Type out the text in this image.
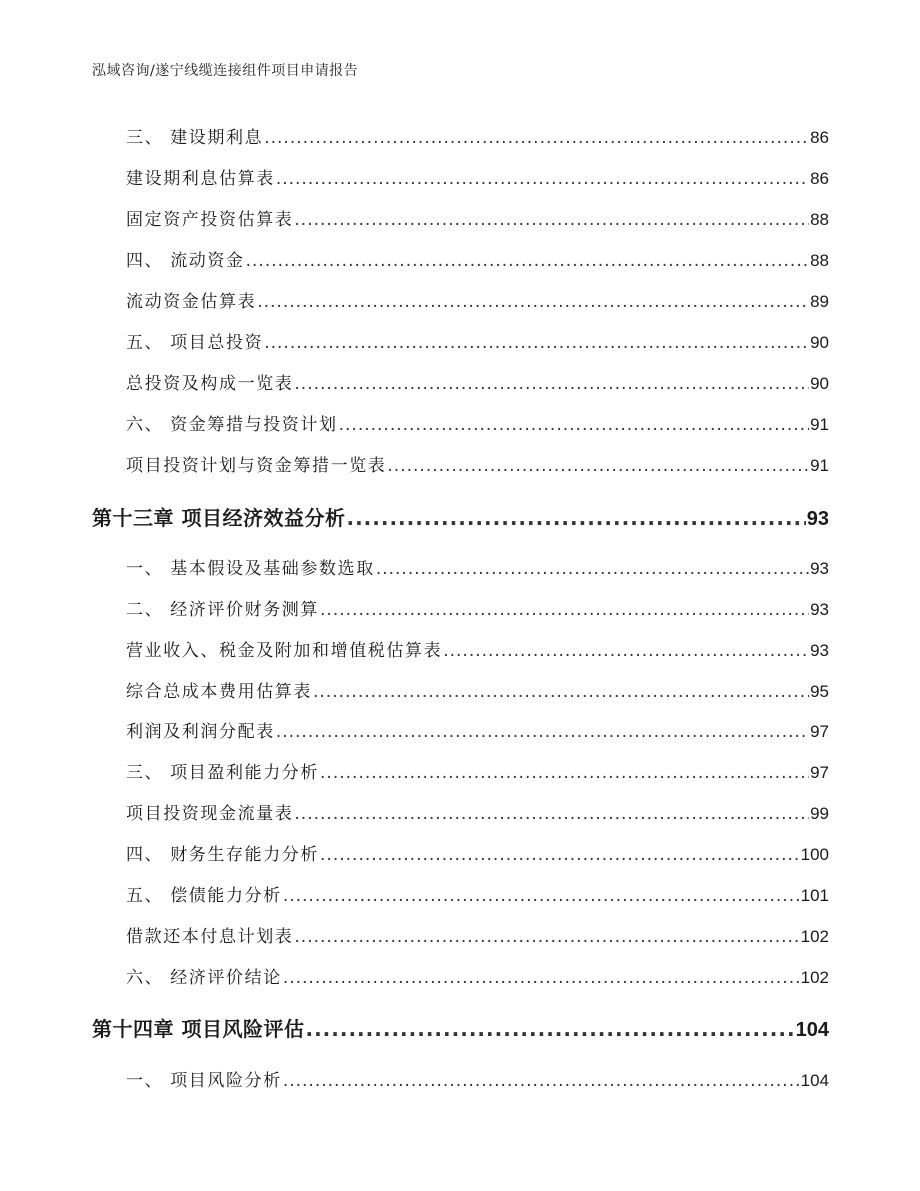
泓域咨询/遂宁线缆连接组件项目申请报告
三、 建设期利息 .....	86
建设期利息估算表 .....	86
固定资产投资估算表 .....	88
四、 流动资金 .....	88
流动资金估算表 .....	89
五、 项目总投资 .....	90
总投资及构成一览表 .....	90
六、 资金筹措与投资计划 .....	91
项目投资计划与资金筹措一览表 .....	91
第十三章 项目经济效益分析 .....	93
一、 基本假设及基础参数选取 .....	93
二、 经济评价财务测算 .....	93
营业收入、税金及附加和增值税估算表 .....	93
综合总成本费用估算表 .....	95
利润及利润分配表 .....	97
三、 项目盈利能力分析 .....	97
项目投资现金流量表 .....	99
四、 财务生存能力分析 .....	100
五、 偿债能力分析 .....	101
借款还本付息计划表 .....	102
六、 经济评价结论 .....	102
第十四章 项目风险评估 .....	104
一、 项目风险分析 .....	104
